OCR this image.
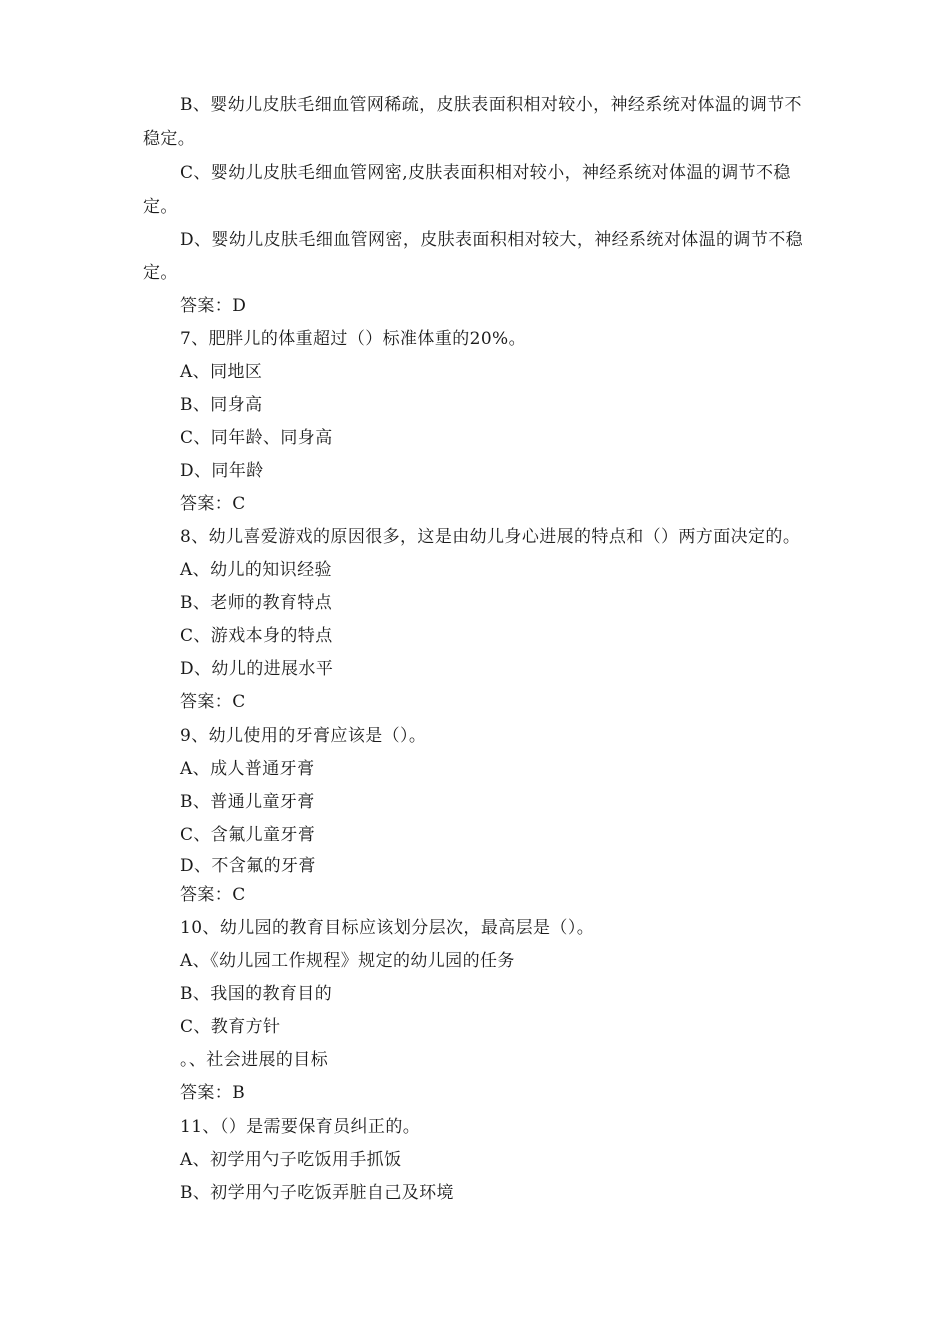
B、婴幼儿皮肤毛细血管网稀疏，皮肤表面积相对较小，神经系统对体温的调节不
稳定。
C、婴幼儿皮肤毛细血管网密,皮肤表面积相对较小，神经系统对体温的调节不稳
定。
D、婴幼儿皮肤毛细血管网密，皮肤表面积相对较大，神经系统对体温的调节不稳
定。
答案：D
7、肥胖儿的体重超过（）标准体重的20%。
A、同地区
B、同身高
C、同年龄、同身高
D、同年龄
答案：C
8、幼儿喜爱游戏的原因很多，这是由幼儿身心进展的特点和（）两方面决定的。
A、幼儿的知识经验
B、老师的教育特点
C、游戏本身的特点
D、幼儿的进展水平
答案：C
9、幼儿使用的牙膏应该是（）。
A、成人普通牙膏
B、普通儿童牙膏
C、含氟儿童牙膏
D、不含氟的牙膏
答案：C
10、幼儿园的教育目标应该划分层次，最高层是（）。
A、《幼儿园工作规程》规定的幼儿园的任务
B、我国的教育目的
C、教育方针
。、社会进展的目标
答案：B
11、（）是需要保育员纠正的。
A、初学用勺子吃饭用手抓饭
B、初学用勺子吃饭弄脏自己及环境
